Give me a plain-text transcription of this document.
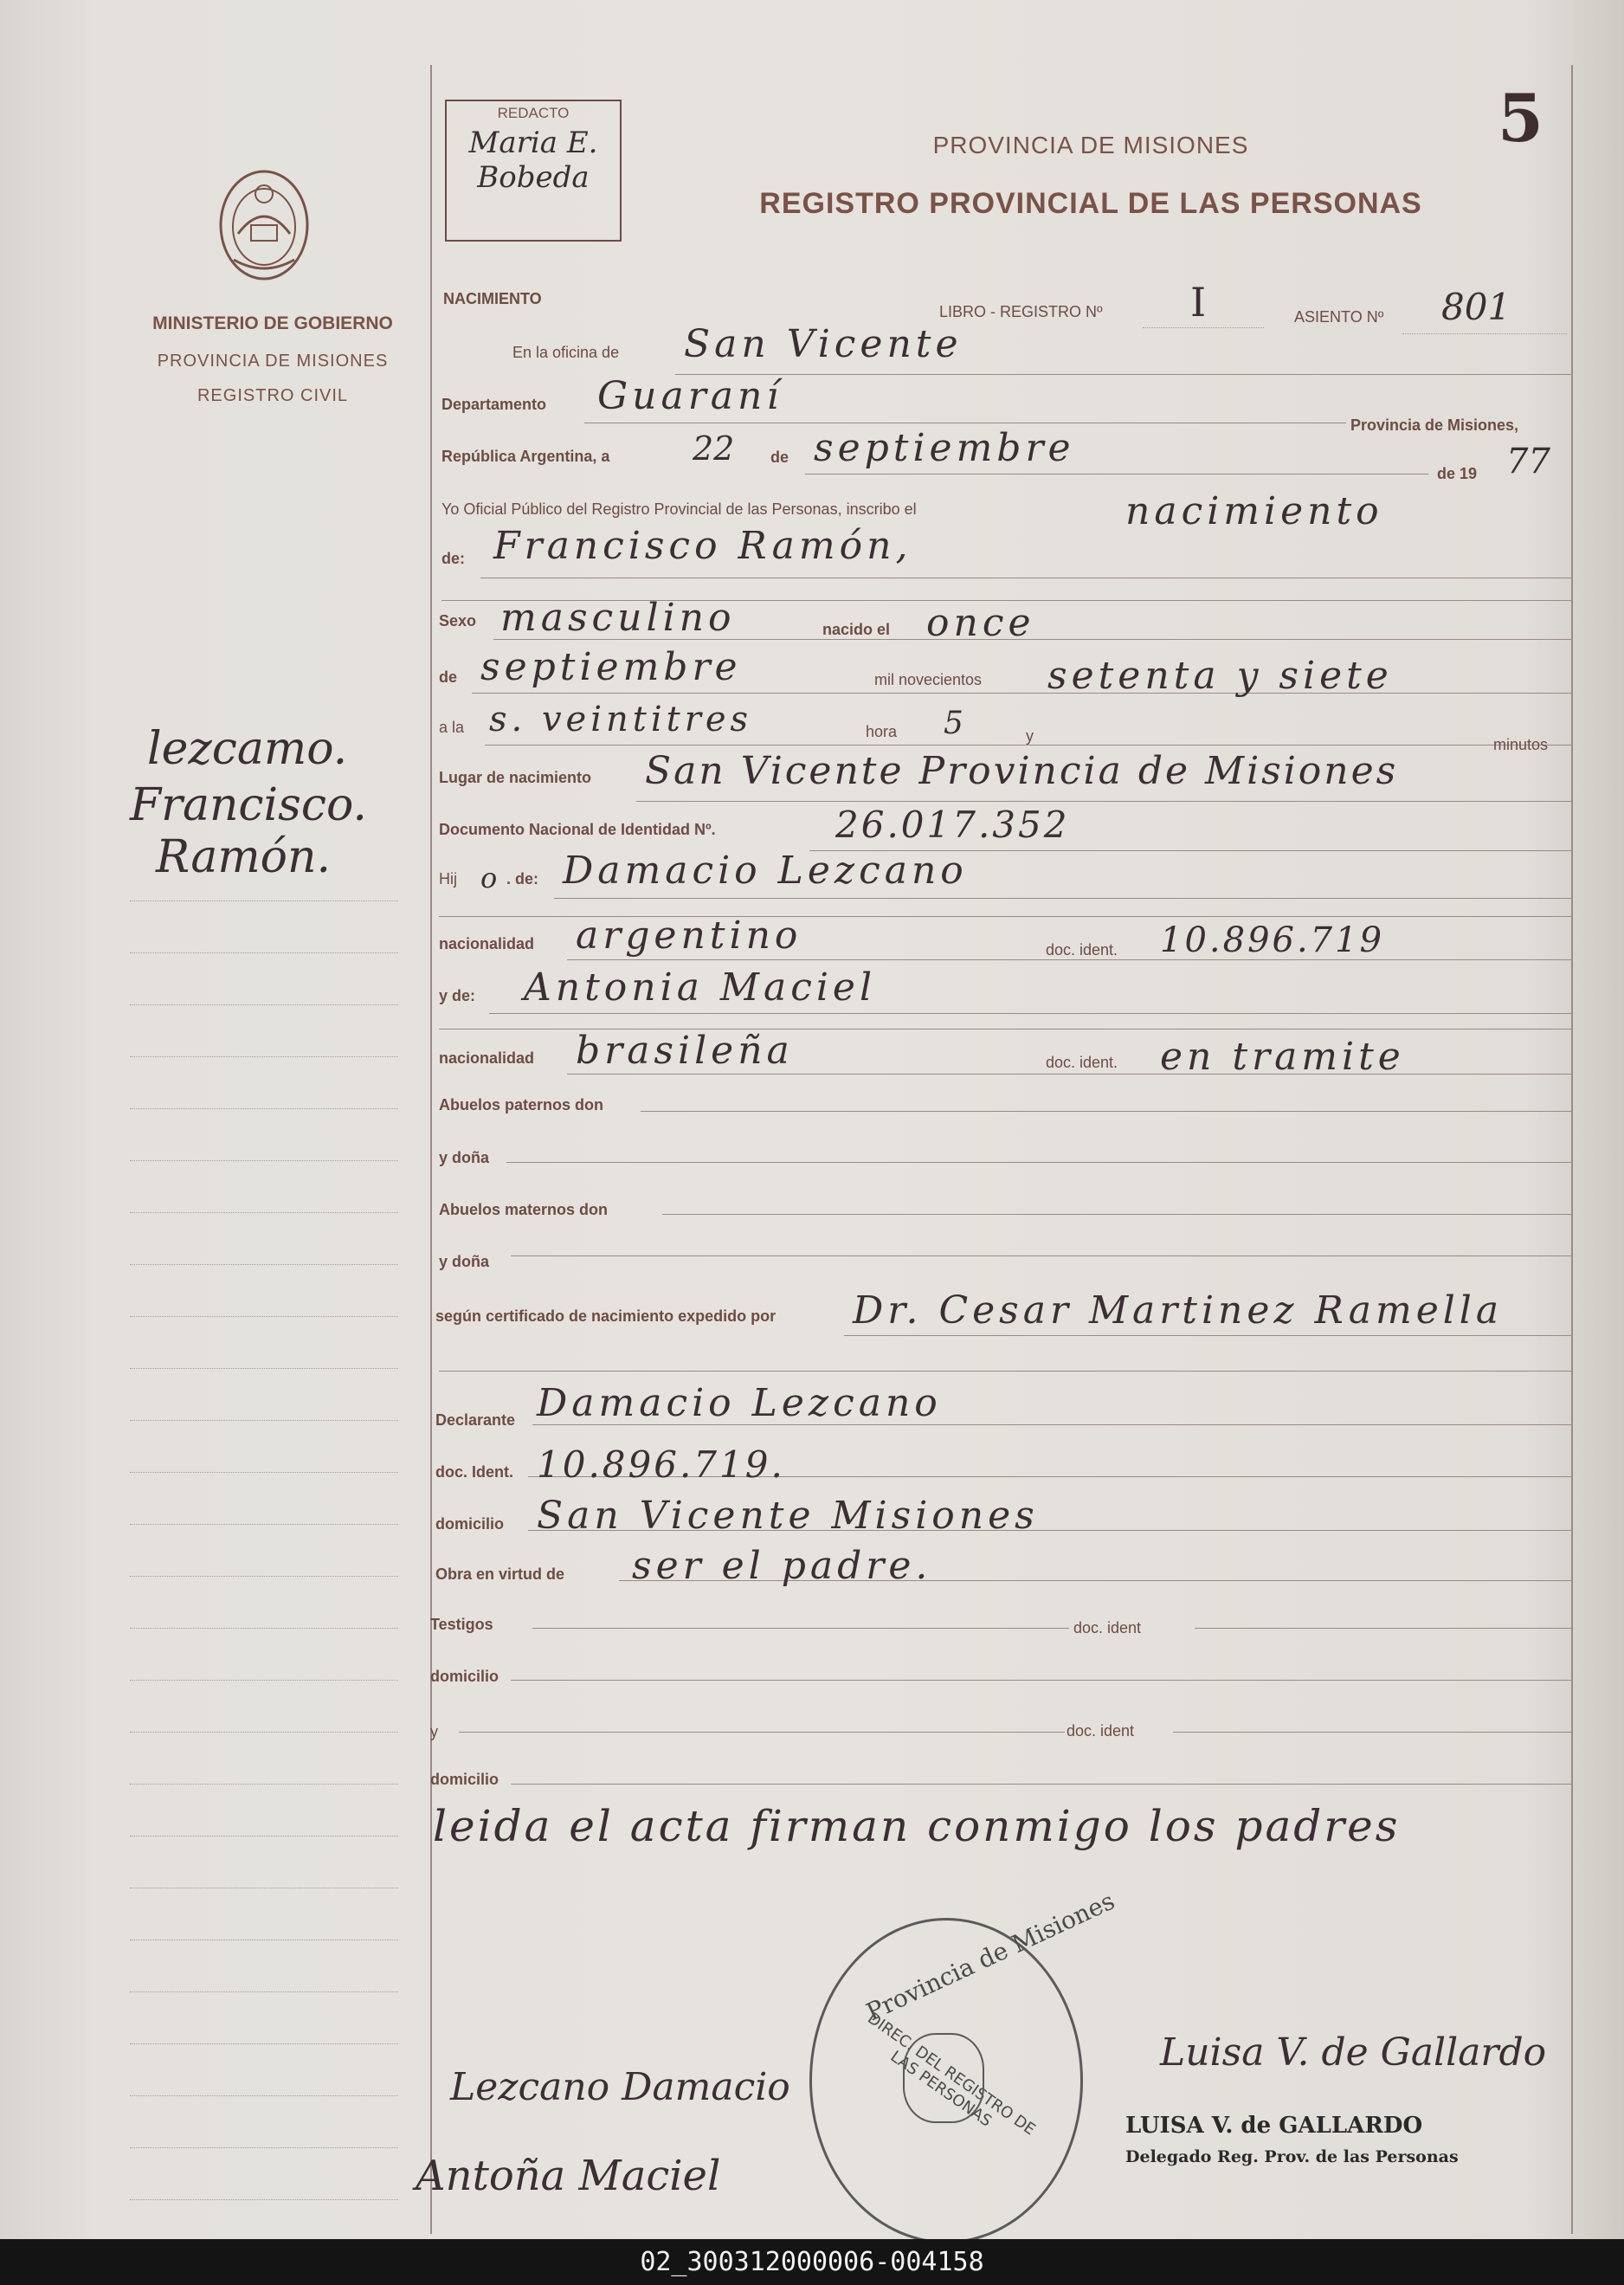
5
REDACTO
Maria E. Bobeda
MINISTERIO DE GOBIERNO
PROVINCIA DE MISIONES
REGISTRO CIVIL
PROVINCIA DE MISIONES
REGISTRO PROVINCIAL DE LAS PERSONAS
lezcamo.
Francisco.
Ramón.
NACIMIENTO
LIBRO - REGISTRO Nº I	ASIENTO Nº 801
En la oficina de San Vicente
Departamento Guaraní
Provincia de Misiones,
República Argentina, a	22 de septiembre
de 19 77
Yo Oficial Público del Registro Provincial de las Personas, inscribo el	nacimiento
de: Francisco Ramón,
Sexo masculino	nacido el once
de septiembre	mil novecientos setenta y siete
a la s. veintitres	hora 5	y	minutos
Lugar de nacimiento San Vicente Provincia de Misiones
Documento Nacional de Identidad Nº.	26.017.352
Hij o . de: Damacio Lezcano
nacionalidad argentino	doc. ident. 10.896.719
y de: Antonia Maciel
nacionalidad brasileña	doc. ident. en tramite
Abuelos paternos don
y doña
Abuelos maternos don
y doña
según certificado de nacimiento expedido por Dr. Cesar Martinez Ramella
Declarante Damacio Lezcano
doc. Ident. 10.896.719.
domicilio San Vicente Misiones
Obra en virtud de ser el padre.
Testigos	doc. ident
domicilio
y	doc. ident
domicilio
leida el acta firman conmigo los padres
Lezcano Damacio
Antoña Maciel
Luisa V. de Gallardo
LUISA V. de GALLARDO
Delegado Reg. Prov. de las Personas
Provincia de Misiones
DIREC. DEL REGISTRO DE LAS PERSONAS
02_300312000006-004158
